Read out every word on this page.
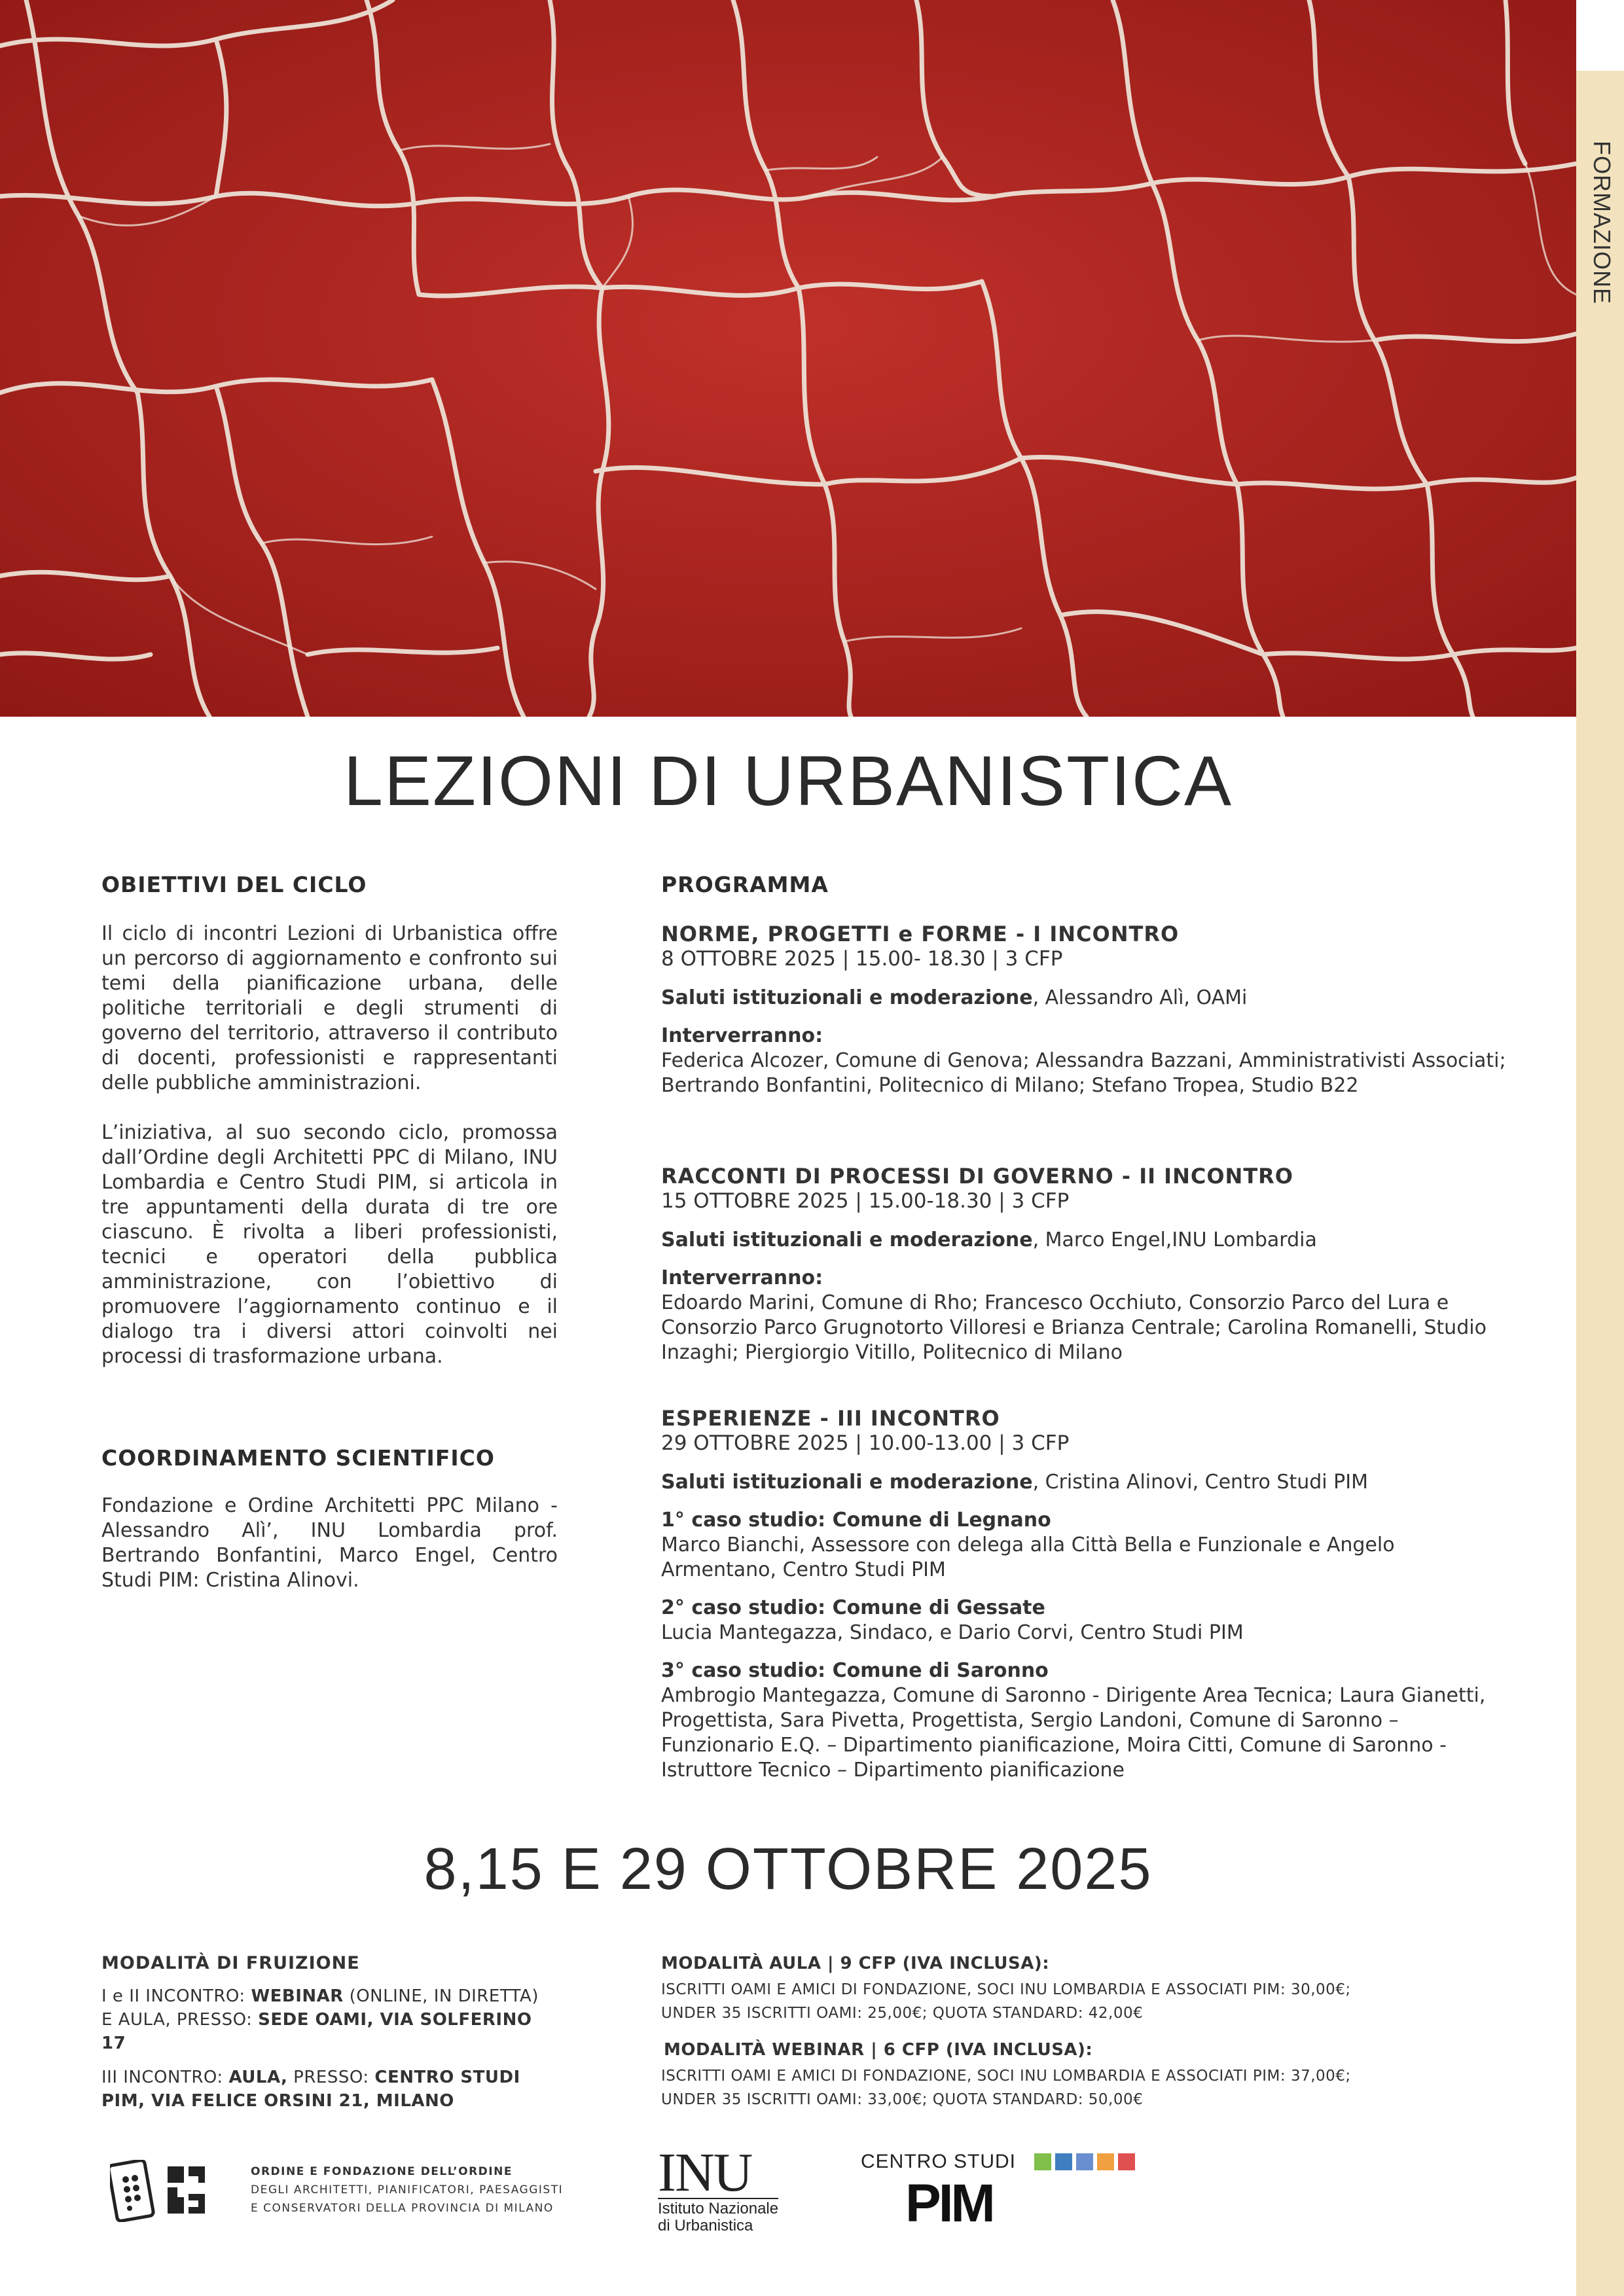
FORMAZIONE
LEZIONI DI URBANISTICA
OBIETTIVI DEL CICLO
Il ciclo di incontri Lezioni di Urbanistica offre un percorso di aggiornamento e confronto sui temi della pianificazione urbana, delle politiche territoriali e degli strumenti di governo del territorio, attraverso il contributo di docenti, professionisti e rappresentanti delle pubbliche amministrazioni.
L’iniziativa, al suo secondo ciclo, promossa dall’Ordine degli Architetti PPC di Milano, INU Lombardia e Centro Studi PIM, si articola in tre appuntamenti della durata di tre ore ciascuno. È rivolta a liberi professionisti, tecnici e operatori della pubblica amministrazione, con l’obiettivo di promuovere l’aggiornamento continuo e il dialogo tra i diversi attori coinvolti nei processi di trasformazione urbana.
COORDINAMENTO SCIENTIFICO
Fondazione e Ordine Architetti PPC Milano - Alessandro Alì’, INU Lombardia prof. Bertrando Bonfantini, Marco Engel, Centro Studi PIM: Cristina Alinovi.
PROGRAMMA
NORME, PROGETTI e FORME - I INCONTRO
8 OTTOBRE 2025 | 15.00- 18.30 | 3 CFP

Saluti istituzionali e moderazione, Alessandro Alì, OAMi

Interverranno:
Federica Alcozer, Comune di Genova; Alessandra Bazzani, Amministrativisti Associati; Bertrando Bonfantini, Politecnico di Milano; Stefano Tropea, Studio B22

RACCONTI DI PROCESSI DI GOVERNO - II INCONTRO
15 OTTOBRE 2025 | 15.00-18.30 | 3 CFP

Saluti istituzionali e moderazione, Marco Engel,INU Lombardia

Interverranno:
Edoardo Marini, Comune di Rho; Francesco Occhiuto, Consorzio Parco del Lura e Consorzio Parco Grugnotorto Villoresi e Brianza Centrale; Carolina Romanelli, Studio Inzaghi; Piergiorgio Vitillo, Politecnico di Milano

ESPERIENZE - III INCONTRO
29 OTTOBRE 2025 | 10.00-13.00 | 3 CFP

Saluti istituzionali e moderazione, Cristina Alinovi, Centro Studi PIM

1° caso studio: Comune di Legnano
Marco Bianchi, Assessore con delega alla Città Bella e Funzionale e Angelo Armentano, Centro Studi PIM

2° caso studio: Comune di Gessate
Lucia Mantegazza, Sindaco, e Dario Corvi, Centro Studi PIM

3° caso studio: Comune di Saronno
Ambrogio Mantegazza, Comune di Saronno - Dirigente Area Tecnica; Laura Gianetti, Progettista, Sara Pivetta, Progettista, Sergio Landoni, Comune di Saronno – Funzionario E.Q. – Dipartimento pianificazione, Moira Citti, Comune di Saronno - Istruttore Tecnico – Dipartimento pianificazione

8,15 E 29 OTTOBRE 2025
MODALITÀ DI FRUIZIONE
I e II INCONTRO: WEBINAR (ONLINE, IN DIRETTA)
E AULA, PRESSO: SEDE OAMI, VIA SOLFERINO 17

III INCONTRO: AULA, PRESSO: CENTRO STUDI
PIM, VIA FELICE ORSINI 21, MILANO
MODALITÀ AULA | 9 CFP (IVA INCLUSA):
ISCRITTI OAMI E AMICI DI FONDAZIONE, SOCI INU LOMBARDIA E ASSOCIATI PIM: 30,00€;
UNDER 35 ISCRITTI OAMI: 25,00€; QUOTA STANDARD: 42,00€
MODALITÀ WEBINAR | 6 CFP (IVA INCLUSA):
ISCRITTI OAMI E AMICI DI FONDAZIONE, SOCI INU LOMBARDIA E ASSOCIATI PIM: 37,00€;
UNDER 35 ISCRITTI OAMI: 33,00€; QUOTA STANDARD: 50,00€
ORDINE E FONDAZIONE DELL’ORDINE
DEGLI ARCHITETTI, PIANIFICATORI, PAESAGGISTI
E CONSERVATORI DELLA PROVINCIA DI MILANO
INU
Istituto Nazionale
di Urbanistica
CENTRO STUDI
PIM
